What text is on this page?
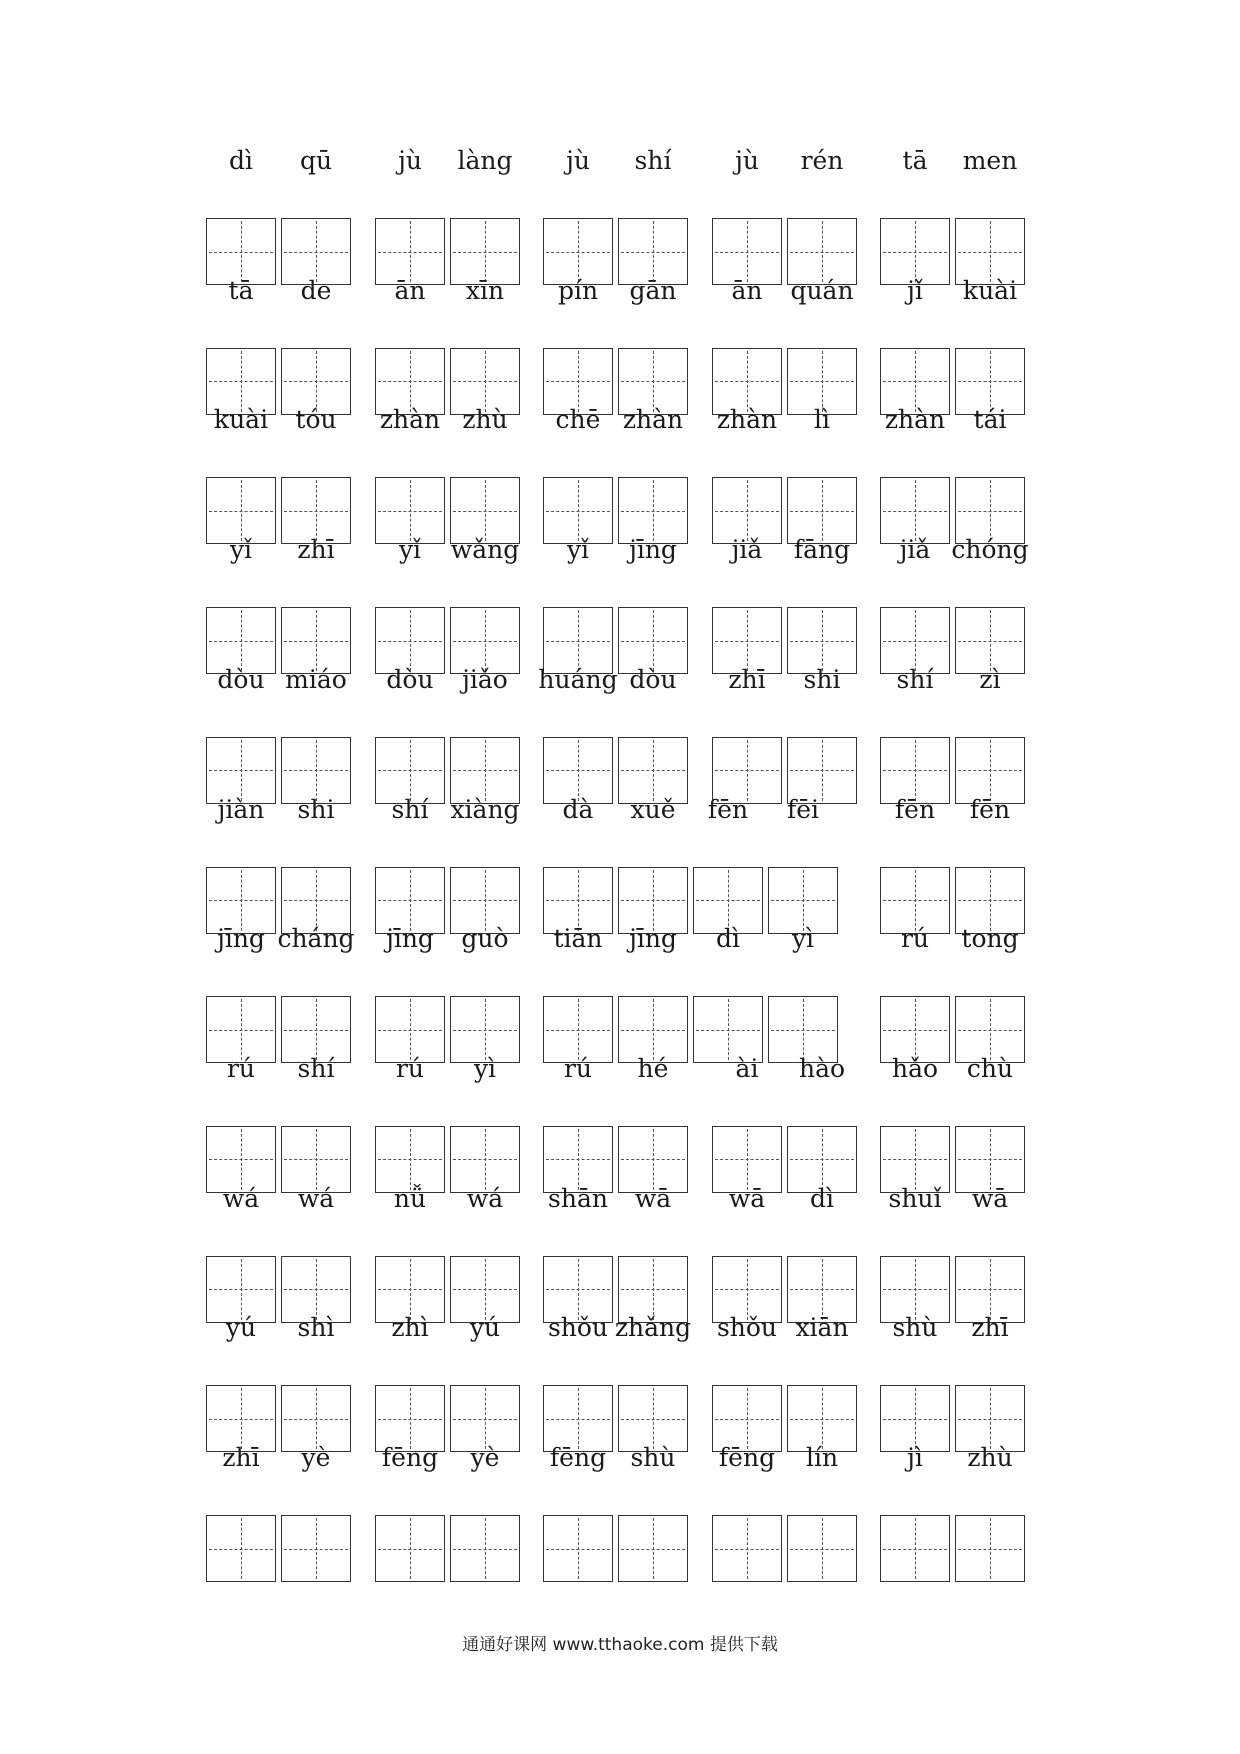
dì qū	jù làng jù shí	jù rén tā men
tā de	ān xīn pín gān ān quán jǐ kuài
kuài tóu zhàn zhù chē zhàn zhàn lì zhàn tái
yǐ zhī	yǐ wǎng yǐ jīng jiǎ fāng jiǎ chóng
dòu miáo dòu jiǎo huáng dòu zhī shi shí zì
jiàn shi shí xiàng dà xuě fēn fēi	fēn fēn
jīng cháng jīng guò tiān jīng dì yì	rú tong
rú shí rú yì	rú hé	ài hào hǎo chù
wá wá nǚ wá shān wā wā dì shuǐ wā
yú shì zhì yú shǒu zhǎng shǒu xiān shù zhī
zhī yè fēng yè fēng shù fēng lín	jì zhù
通通好课网 www.tthaoke.com 提供下载
